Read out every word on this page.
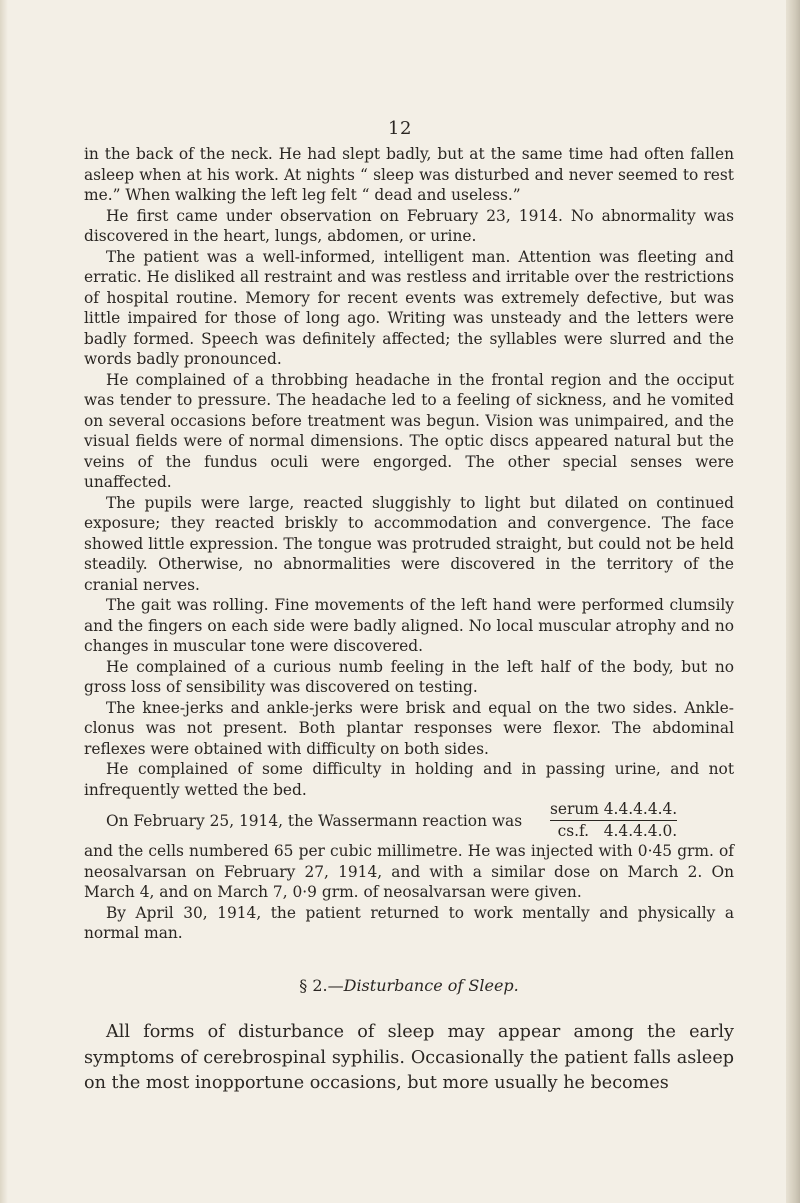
12

in the back of the neck. He had slept badly, but at the same time had often fallen asleep when at his work. At nights “ sleep was disturbed and never seemed to rest me.” When walking the left leg felt “ dead and useless.”

He first came under observation on February 23, 1914. No abnormality was discovered in the heart, lungs, abdomen, or urine.

The patient was a well-informed, intelligent man. Attention was fleeting and erratic. He disliked all restraint and was restless and irritable over the restrictions of hospital routine. Memory for recent events was extremely defective, but was little impaired for those of long ago. Writing was unsteady and the letters were badly formed. Speech was definitely affected; the syllables were slurred and the words badly pronounced.

He complained of a throbbing headache in the frontal region and the occiput was tender to pressure. The headache led to a feeling of sickness, and he vomited on several occasions before treatment was begun. Vision was unimpaired, and the visual fields were of normal dimensions. The optic discs appeared natural but the veins of the fundus oculi were engorged. The other special senses were unaffected.

The pupils were large, reacted sluggishly to light but dilated on continued exposure; they reacted briskly to accommodation and convergence. The face showed little expression. The tongue was protruded straight, but could not be held steadily. Otherwise, no abnormalities were discovered in the territory of the cranial nerves.

The gait was rolling. Fine movements of the left hand were performed clumsily and the fingers on each side were badly aligned. No local muscular atrophy and no changes in muscular tone were discovered.

He complained of a curious numb feeling in the left half of the body, but no gross loss of sensibility was discovered on testing.

The knee-jerks and ankle-jerks were brisk and equal on the two sides. Ankle-clonus was not present. Both plantar responses were flexor. The abdominal reflexes were obtained with difficulty on both sides.

He complained of some difficulty in holding and in passing urine, and not infrequently wetted the bed.

On February 25, 1914, the Wassermann reaction was
serum 4.4.4.4.4.
cs.f.   4.4.4.4.0.

and the cells numbered 65 per cubic millimetre. He was injected with 0·45 grm. of neosalvarsan on February 27, 1914, and with a similar dose on March 2. On March 4, and on March 7, 0·9 grm. of neosalvarsan were given.

By April 30, 1914, the patient returned to work mentally and physically a normal man.

§ 2.—Disturbance of Sleep.

All forms of disturbance of sleep may appear among the early symptoms of cerebrospinal syphilis. Occasionally the patient falls asleep on the most inopportune occasions, but more usually he becomes
